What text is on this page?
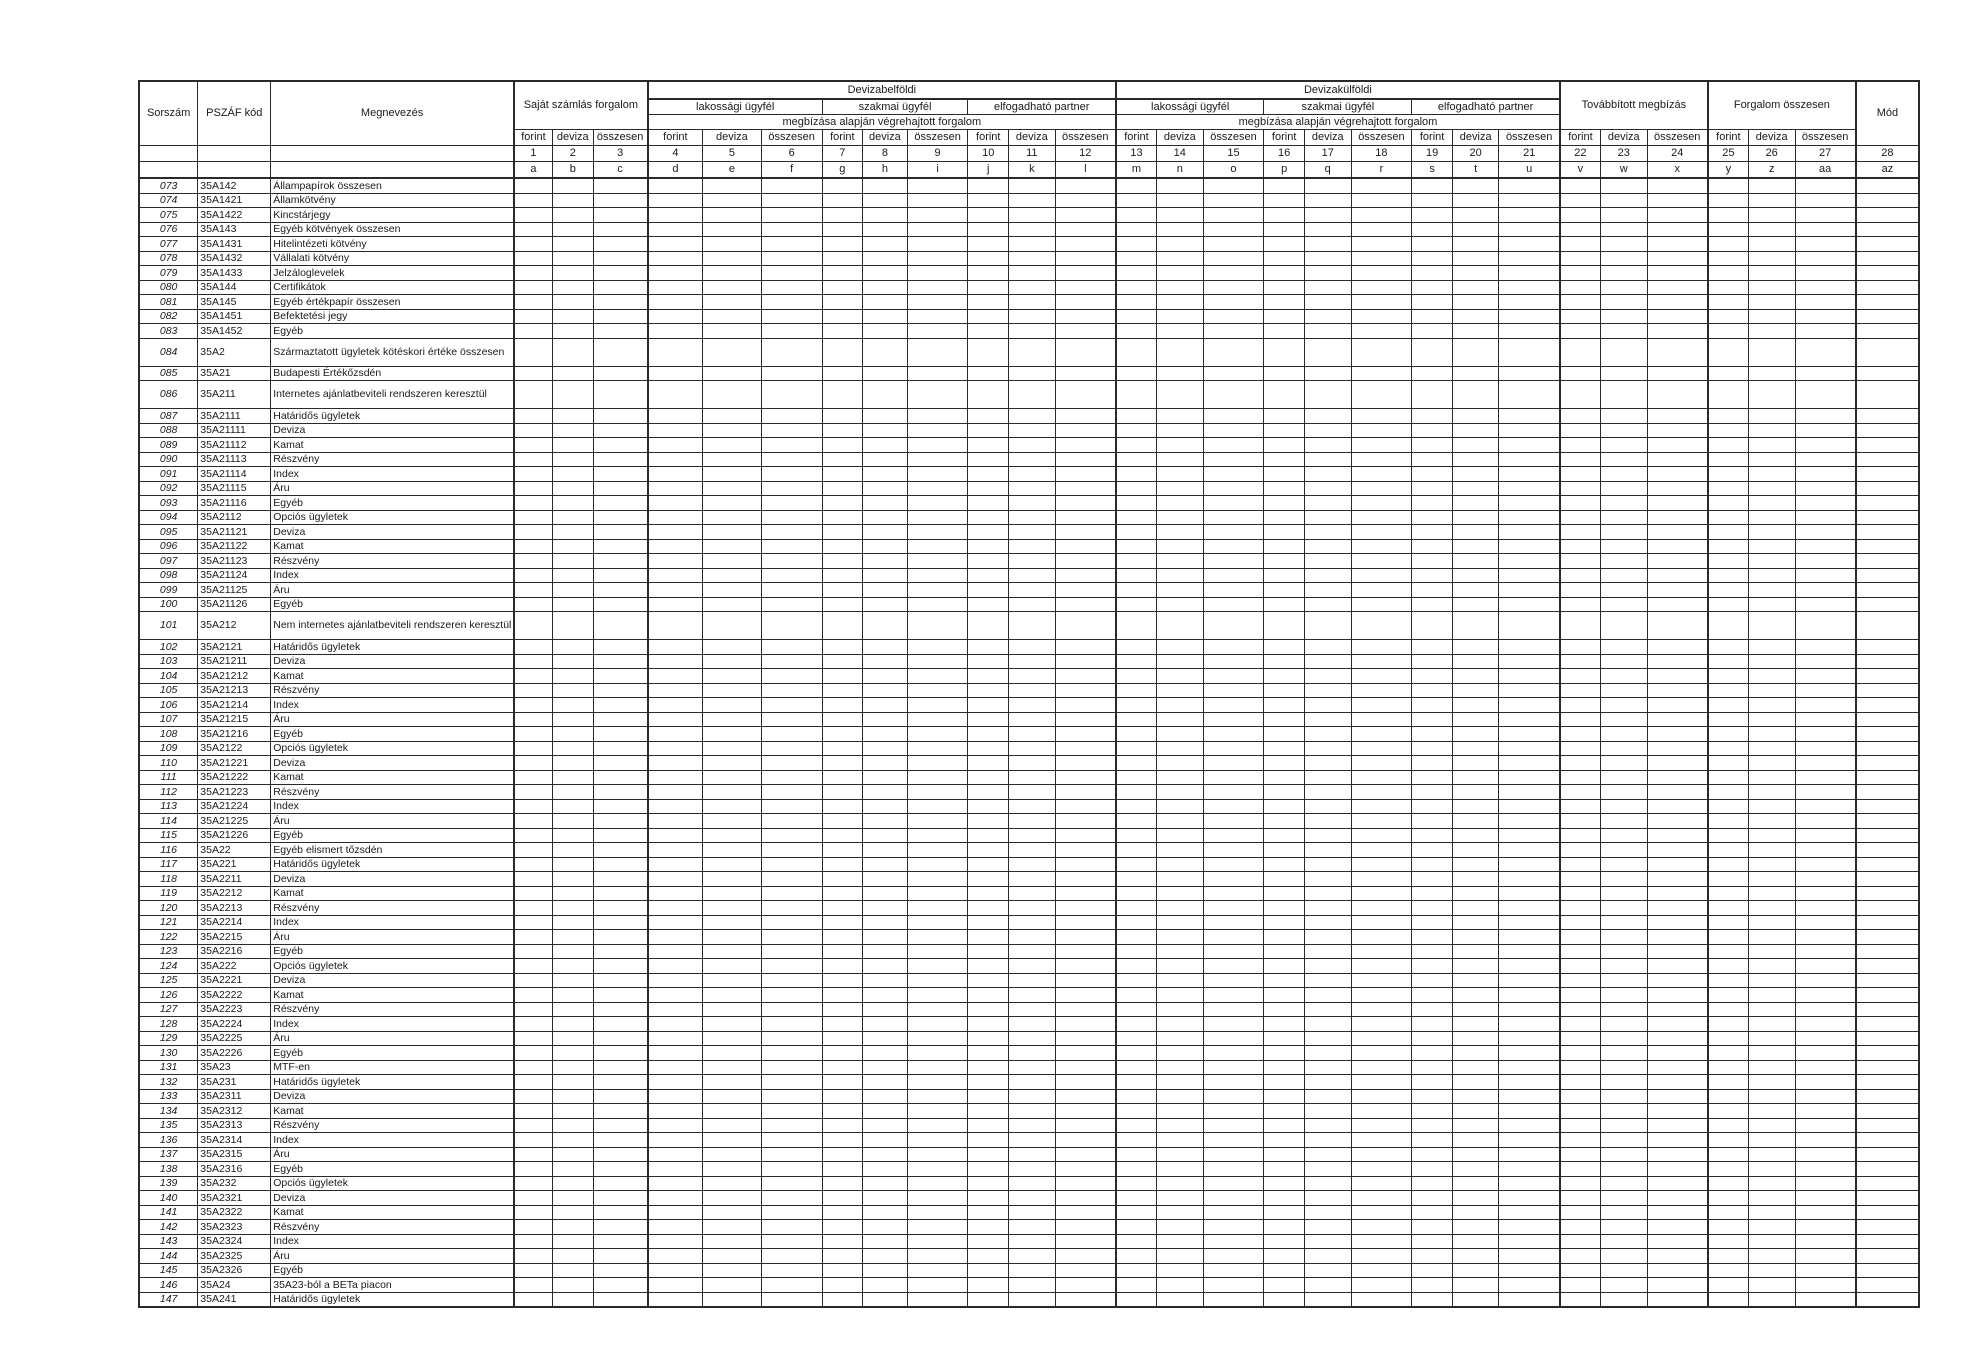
Sorszám	PSZÁF kód	Megnevezés	Saját számlás forgalom			Devizabelföldi									Devizakülföldi									Továbbított megbízás			Forgalom összesen			Mód
						lakossági ügyfél			szakmai ügyfél			elfogadható partner			lakossági ügyfél			szakmai ügyfél			elfogadható partner									
						megbízása alapján végrehajtott forgalom									megbízása alapján végrehajtott forgalom															
			forint	deviza	összesen	forint	deviza	összesen	forint	deviza	összesen	forint	deviza	összesen	forint	deviza	összesen	forint	deviza	összesen	forint	deviza	összesen	forint	deviza	összesen	forint	deviza	összesen	
			1	2	3	4	5	6	7	8	9	10	11	12	13	14	15	16	17	18	19	20	21	22	23	24	25	26	27	28
			a	b	c	d	e	f	g	h	i	j	k	l	m	n	o	p	q	r	s	t	u	v	w	x	y	z	aa	az
073	35A142	Állampapírok összesen																												
074	35A1421	Államkötvény																												
075	35A1422	Kincstárjegy																												
076	35A143	Egyéb kötvények összesen																												
077	35A1431	Hitelintézeti kötvény																												
078	35A1432	Vállalati kötvény																												
079	35A1433	Jelzáloglevelek																												
080	35A144	Certifikátok																												
081	35A145	Egyéb értékpapír összesen																												
082	35A1451	Befektetési jegy																												
083	35A1452	Egyéb																												
084	35A2	Származtatott ügyletek kötéskori értéke összesen																												
085	35A21	Budapesti Értékőzsdén																												
086	35A211	Internetes ajánlatbeviteli rendszeren keresztül																												
087	35A2111	Határidős ügyletek																												
088	35A21111	Deviza																												
089	35A21112	Kamat																												
090	35A21113	Részvény																												
091	35A21114	Index																												
092	35A21115	Áru																												
093	35A21116	Egyéb																												
094	35A2112	Opciós ügyletek																												
095	35A21121	Deviza																												
096	35A21122	Kamat																												
097	35A21123	Részvény																												
098	35A21124	Index																												
099	35A21125	Áru																												
100	35A21126	Egyéb																												
101	35A212	Nem internetes ajánlatbeviteli rendszeren keresztül																												
102	35A2121	Határidős ügyletek																												
103	35A21211	Deviza																												
104	35A21212	Kamat																												
105	35A21213	Részvény																												
106	35A21214	Index																												
107	35A21215	Áru																												
108	35A21216	Egyéb																												
109	35A2122	Opciós ügyletek																												
110	35A21221	Deviza																												
111	35A21222	Kamat																												
112	35A21223	Részvény																												
113	35A21224	Index																												
114	35A21225	Áru																												
115	35A21226	Egyéb																												
116	35A22	Egyéb elismert tőzsdén																												
117	35A221	Határidős ügyletek																												
118	35A2211	Deviza																												
119	35A2212	Kamat																												
120	35A2213	Részvény																												
121	35A2214	Index																												
122	35A2215	Áru																												
123	35A2216	Egyéb																												
124	35A222	Opciós ügyletek																												
125	35A2221	Deviza																												
126	35A2222	Kamat																												
127	35A2223	Részvény																												
128	35A2224	Index																												
129	35A2225	Áru																												
130	35A2226	Egyéb																												
131	35A23	MTF-en																												
132	35A231	Határidős ügyletek																												
133	35A2311	Deviza																												
134	35A2312	Kamat																												
135	35A2313	Részvény																												
136	35A2314	Index																												
137	35A2315	Áru																												
138	35A2316	Egyéb																												
139	35A232	Opciós ügyletek																												
140	35A2321	Deviza																												
141	35A2322	Kamat																												
142	35A2323	Részvény																												
143	35A2324	Index																												
144	35A2325	Áru																												
145	35A2326	Egyéb																												
146	35A24	35A23-ból a BETa piacon																												
147	35A241	Határidős ügyletek																												
